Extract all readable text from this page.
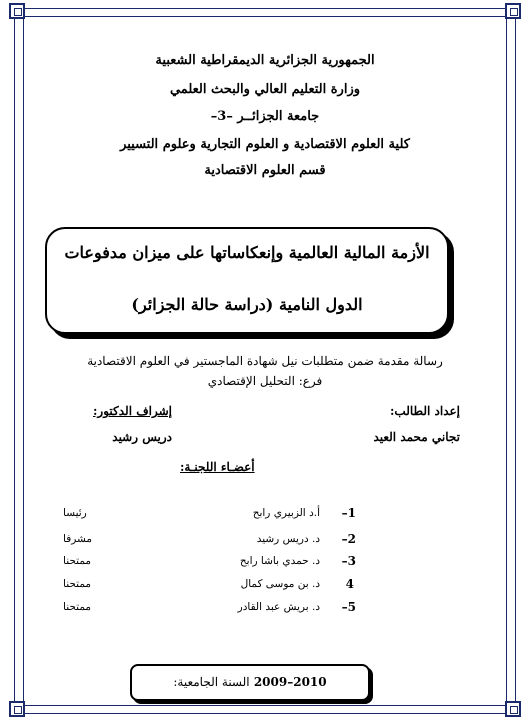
الجمهورية الجزائرية الديمقراطية الشعبية
وزارة التعليم العالي والبحث العلمي
جامعة الجزائــر –3–
كلية العلوم الاقتصادية و العلوم التجارية وعلوم التسيير
قسم العلوم الاقتصادية
الأزمة المالية العالمية وإنعكاساتها على ميزان مدفوعات
الدول النامية (دراسة حالة الجزائر)
رسالة مقدمة ضمن متطلبات نيل شهادة الماجستير في العلوم الاقتصادية
فرع: التحليل الإقتصادي
إعداد الطالب:
تجاني محمد العيد
إشراف الدكتور:
دريس رشيد
أعضـاء اللجنـة:
1–
أ.د الزبيري رابح
رئيسا
2–
د. دريس رشيد
مشرفا
3–
د. حمدي باشا رابح
ممتحنا
4
د. بن موسى كمال
ممتحنا
5–
د. بريش عبد القادر
ممتحنا
السنة الجامعية: 2009–2010
